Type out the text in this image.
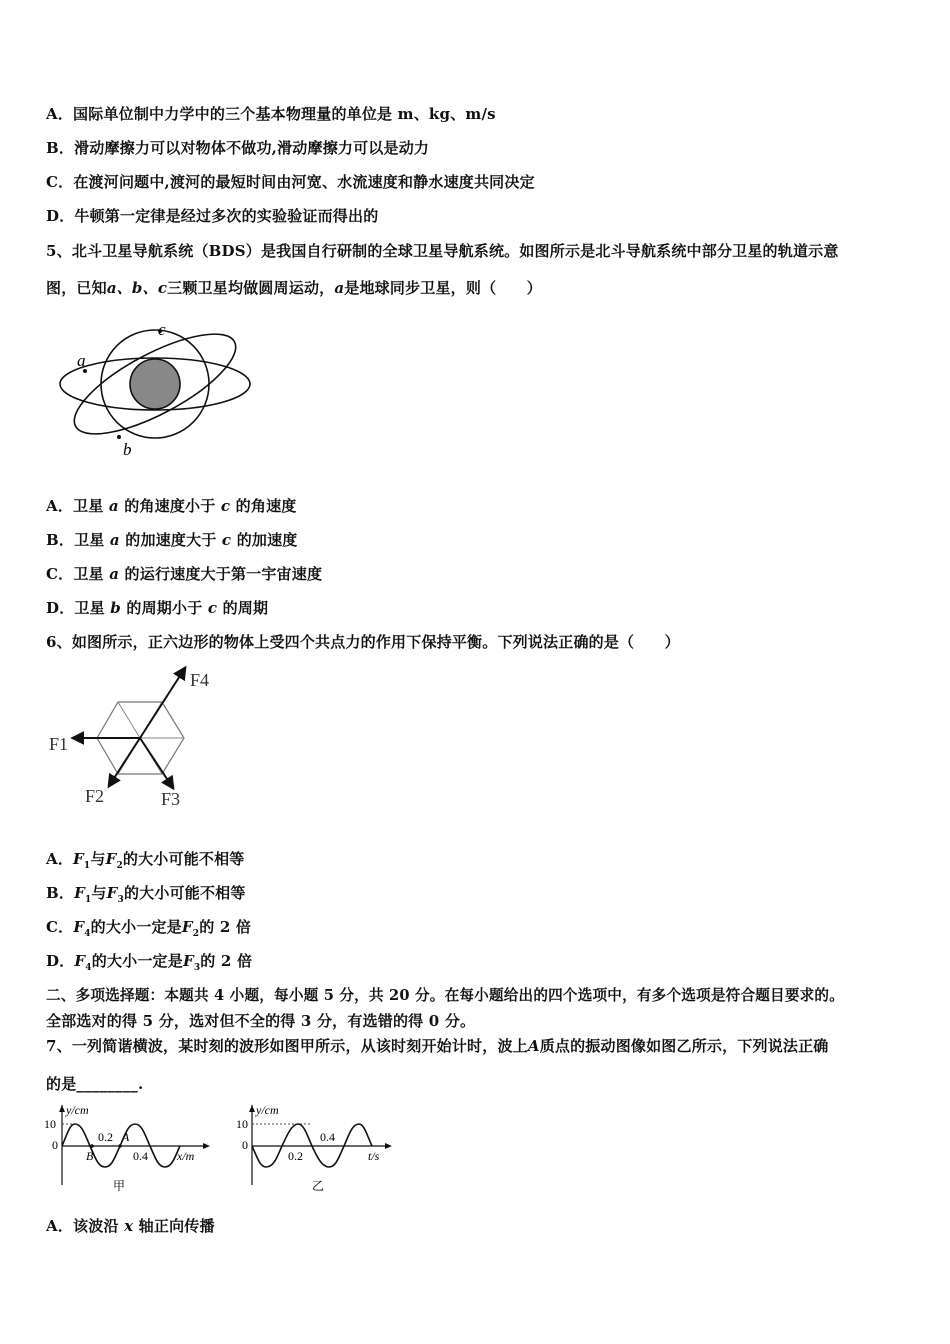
A．国际单位制中力学中的三个基本物理量的单位是 m、kg、m/s
B．滑动摩擦力可以对物体不做功,滑动摩擦力可以是动力
C．在渡河问题中,渡河的最短时间由河宽、水流速度和静水速度共同决定
D．牛顿第一定律是经过多次的实验验证而得出的
5、北斗卫星导航系统（BDS）是我国自行研制的全球卫星导航系统。如图所示是北斗导航系统中部分卫星的轨道示意
图，已知a、b、c三颗卫星均做圆周运动，a是地球同步卫星，则（　　）
a
c
b
A．卫星 a 的角速度小于 c 的角速度
B．卫星 a 的加速度大于 c 的加速度
C．卫星 a 的运行速度大于第一宇宙速度
D．卫星 b 的周期小于 c 的周期
6、如图所示，正六边形的物体上受四个共点力的作用下保持平衡。下列说法正确的是（　　）
F1
F2	F3
F4
A．$F_1$与$F_2$的大小可能不相等
B．$F_1$与$F_3$的大小可能不相等
C．$F_4$的大小一定是$F_2$的 2 倍
D．$F_4$的大小一定是$F_3$的 2 倍
二、多项选择题：本题共 4 小题，每小题 5 分，共 20 分。在每小题给出的四个选项中，有多个选项是符合题目要求的。
全部选对的得 5 分，选对但不全的得 3 分，有选错的得 0 分。
7、一列简谐横波，某时刻的波形如图甲所示，从该时刻开始计时，波上A质点的振动图像如图乙所示，下列说法正确
的是________.
y/cm
10
0
0.2 A
B	0.4 x/m
甲
y/cm
10
0
0.2
0.4
t/s
乙
A．该波沿 x 轴正向传播
